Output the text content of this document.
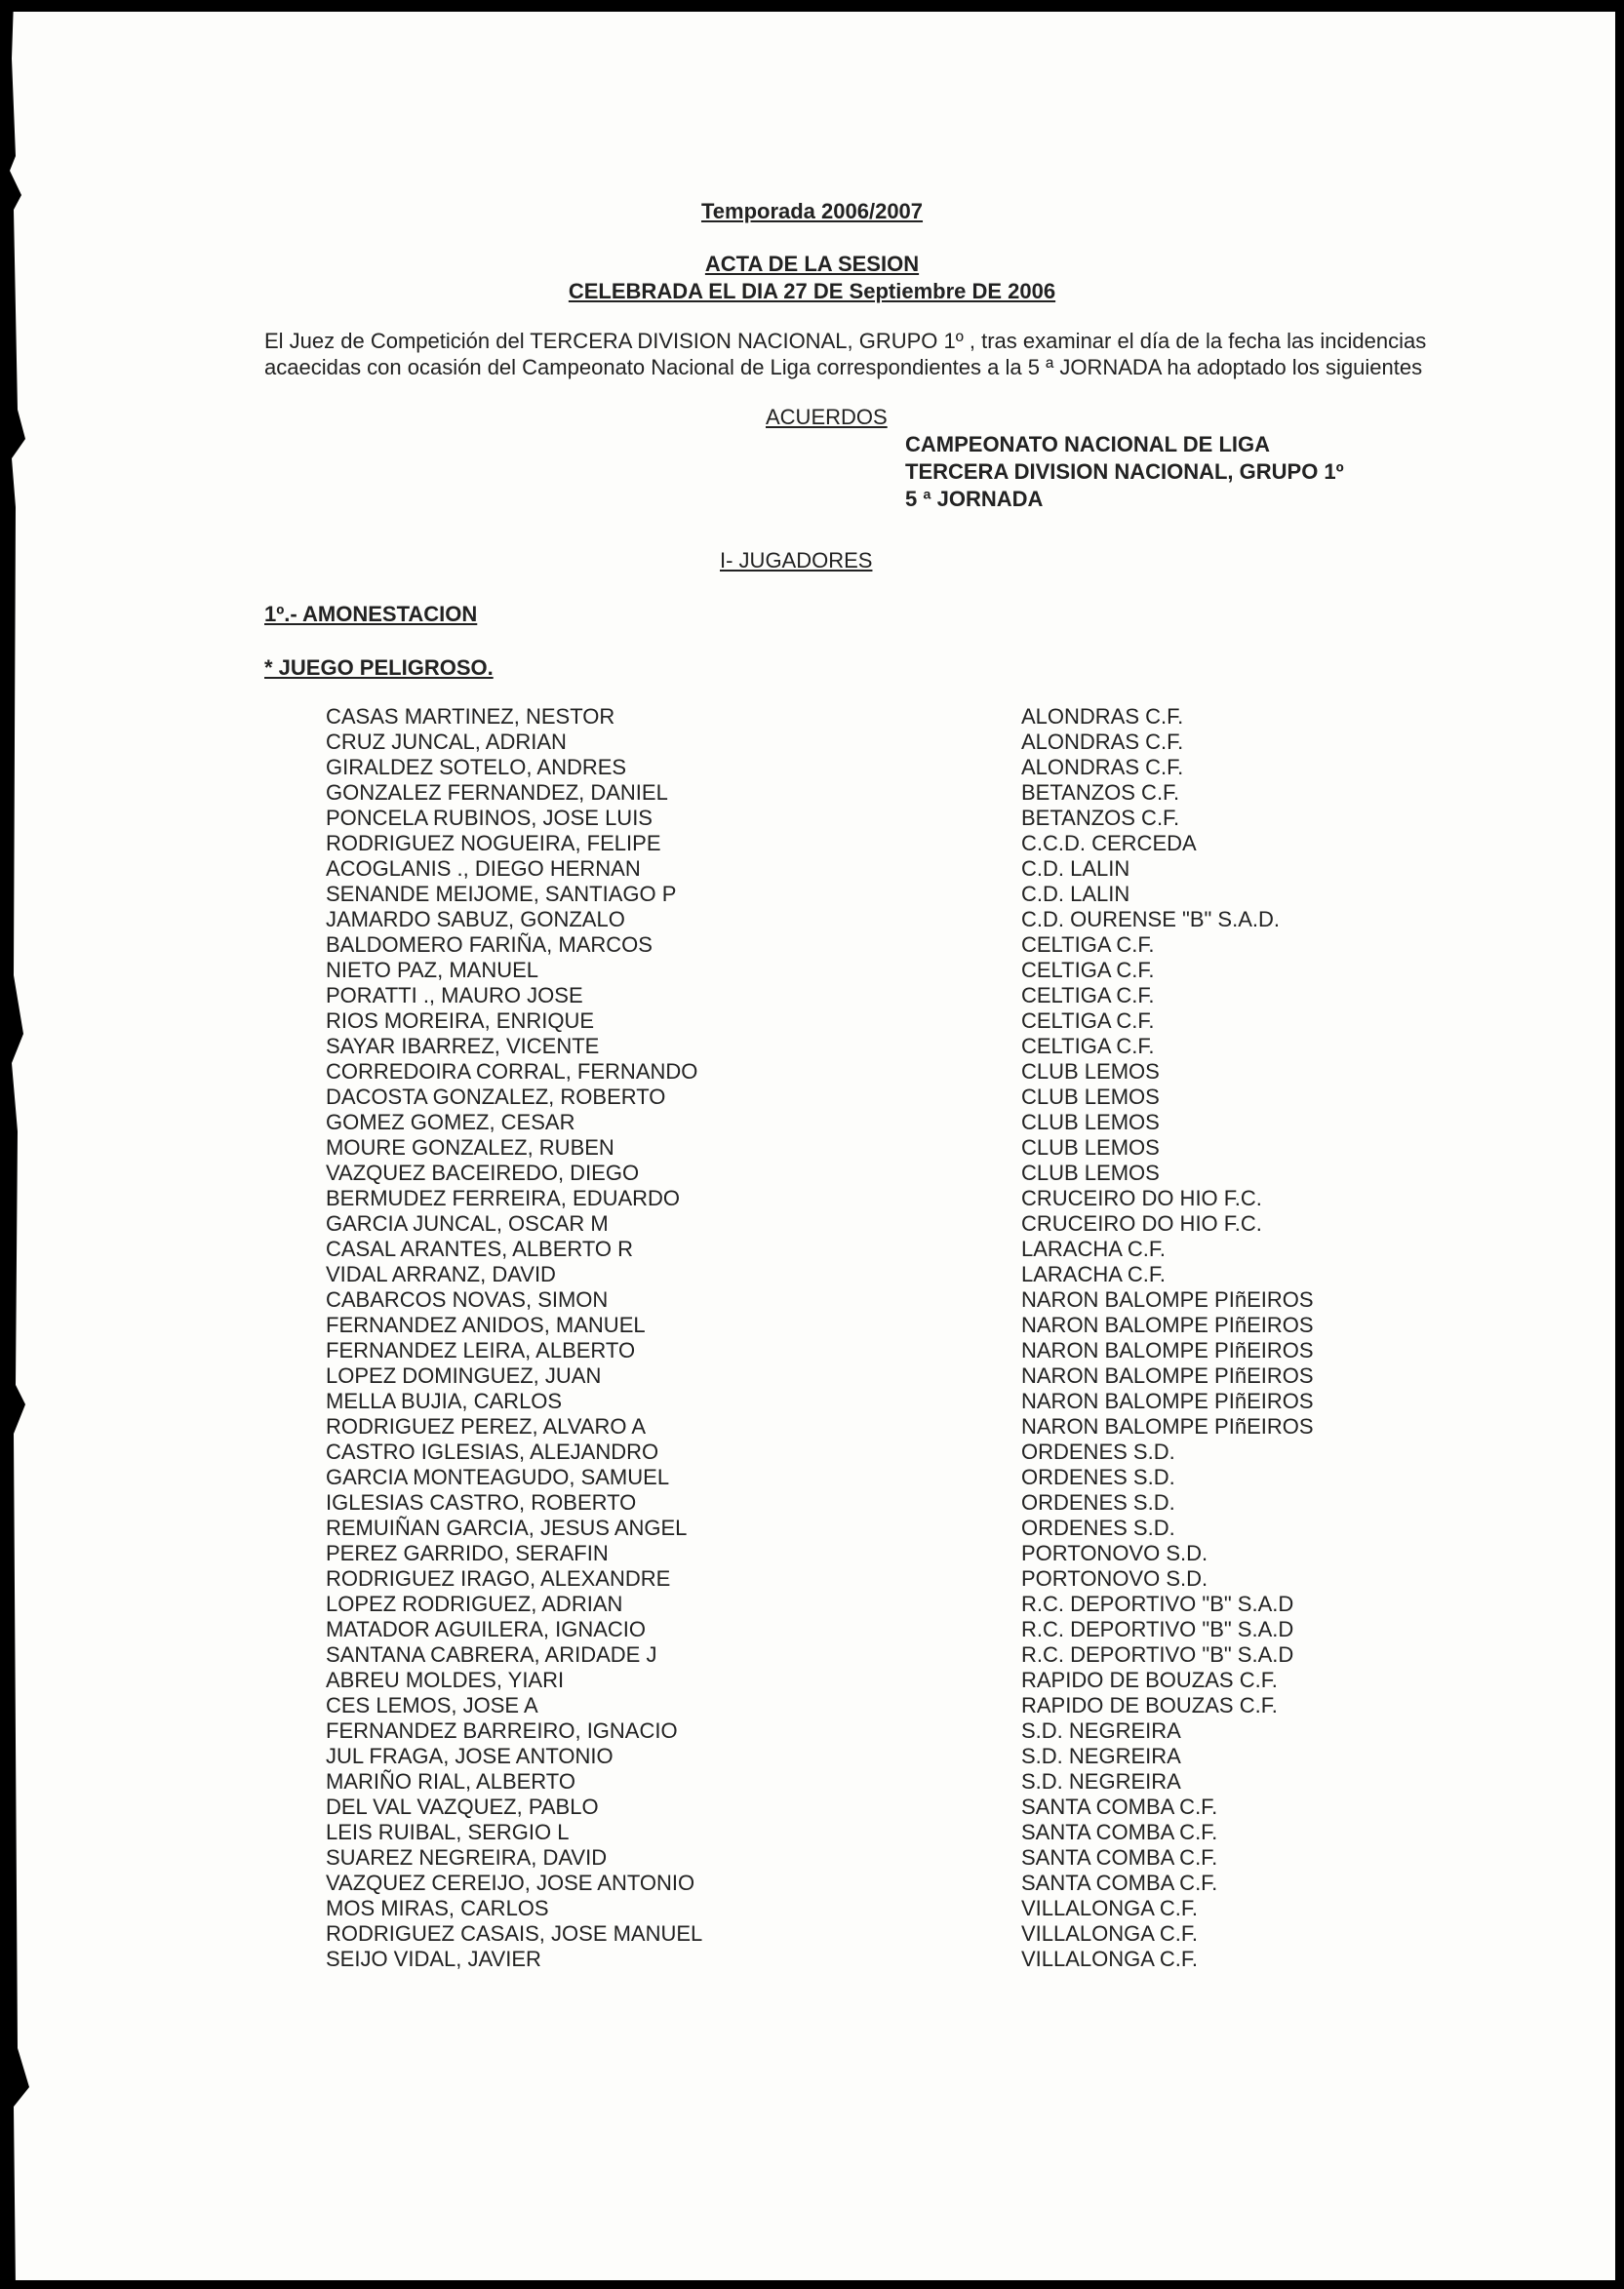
Temporada 2006/2007
ACTA DE LA SESION
CELEBRADA EL DIA 27 DE Septiembre DE 2006
El Juez de Competición del TERCERA DIVISION NACIONAL, GRUPO 1º , tras examinar el día de la fecha las incidencias
acaecidas con ocasión del Campeonato Nacional de Liga correspondientes a la 5 ª JORNADA ha adoptado los siguientes
ACUERDOS
CAMPEONATO NACIONAL DE LIGA
TERCERA DIVISION NACIONAL, GRUPO 1º
5 ª JORNADA
I- JUGADORES
1º.- AMONESTACION
* JUEGO PELIGROSO.
CASAS MARTINEZ, NESTOR	ALONDRAS C.F.
CRUZ JUNCAL, ADRIAN	ALONDRAS C.F.
GIRALDEZ SOTELO, ANDRES	ALONDRAS C.F.
GONZALEZ FERNANDEZ, DANIEL	BETANZOS C.F.
PONCELA RUBINOS, JOSE LUIS	BETANZOS C.F.
RODRIGUEZ NOGUEIRA, FELIPE	C.C.D. CERCEDA
ACOGLANIS ., DIEGO HERNAN	C.D. LALIN
SENANDE MEIJOME, SANTIAGO P	C.D. LALIN
JAMARDO SABUZ, GONZALO	C.D. OURENSE "B" S.A.D.
BALDOMERO FARIÑA, MARCOS	CELTIGA C.F.
NIETO PAZ, MANUEL	CELTIGA C.F.
PORATTI ., MAURO JOSE	CELTIGA C.F.
RIOS MOREIRA, ENRIQUE	CELTIGA C.F.
SAYAR IBARREZ, VICENTE	CELTIGA C.F.
CORREDOIRA CORRAL, FERNANDO	CLUB LEMOS
DACOSTA GONZALEZ, ROBERTO	CLUB LEMOS
GOMEZ GOMEZ, CESAR	CLUB LEMOS
MOURE GONZALEZ, RUBEN	CLUB LEMOS
VAZQUEZ BACEIREDO, DIEGO	CLUB LEMOS
BERMUDEZ FERREIRA, EDUARDO	CRUCEIRO DO HIO F.C.
GARCIA JUNCAL, OSCAR M	CRUCEIRO DO HIO F.C.
CASAL ARANTES, ALBERTO R	LARACHA C.F.
VIDAL ARRANZ, DAVID	LARACHA C.F.
CABARCOS NOVAS, SIMON	NARON BALOMPE PIñEIROS
FERNANDEZ ANIDOS, MANUEL	NARON BALOMPE PIñEIROS
FERNANDEZ LEIRA, ALBERTO	NARON BALOMPE PIñEIROS
LOPEZ DOMINGUEZ, JUAN	NARON BALOMPE PIñEIROS
MELLA BUJIA, CARLOS	NARON BALOMPE PIñEIROS
RODRIGUEZ PEREZ, ALVARO A	NARON BALOMPE PIñEIROS
CASTRO IGLESIAS, ALEJANDRO	ORDENES S.D.
GARCIA MONTEAGUDO, SAMUEL	ORDENES S.D.
IGLESIAS CASTRO, ROBERTO	ORDENES S.D.
REMUIÑAN GARCIA, JESUS ANGEL	ORDENES S.D.
PEREZ GARRIDO, SERAFIN	PORTONOVO S.D.
RODRIGUEZ IRAGO, ALEXANDRE	PORTONOVO S.D.
LOPEZ RODRIGUEZ, ADRIAN	R.C. DEPORTIVO "B" S.A.D
MATADOR AGUILERA, IGNACIO	R.C. DEPORTIVO "B" S.A.D
SANTANA CABRERA, ARIDADE J	R.C. DEPORTIVO "B" S.A.D
ABREU MOLDES, YIARI	RAPIDO DE BOUZAS C.F.
CES LEMOS, JOSE A	RAPIDO DE BOUZAS C.F.
FERNANDEZ BARREIRO, IGNACIO	S.D. NEGREIRA
JUL FRAGA, JOSE ANTONIO	S.D. NEGREIRA
MARIÑO RIAL, ALBERTO	S.D. NEGREIRA
DEL VAL VAZQUEZ, PABLO	SANTA COMBA C.F.
LEIS RUIBAL, SERGIO L	SANTA COMBA C.F.
SUAREZ NEGREIRA, DAVID	SANTA COMBA C.F.
VAZQUEZ CEREIJO, JOSE ANTONIO	SANTA COMBA C.F.
MOS MIRAS, CARLOS	VILLALONGA C.F.
RODRIGUEZ CASAIS, JOSE MANUEL	VILLALONGA C.F.
SEIJO VIDAL, JAVIER	VILLALONGA C.F.
